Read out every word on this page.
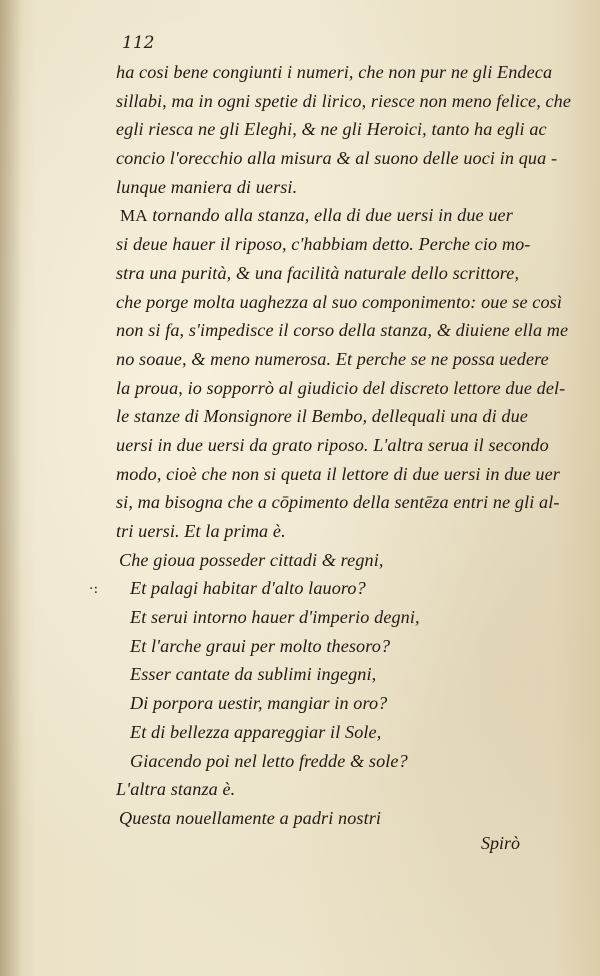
112
·:
ha cosi bene congiunti i numeri, che non pur ne gli Endeca
sillabi, ma in ogni spetie di lirico, riesce non meno felice, che
egli riesca ne gli Eleghi, & ne gli Heroici, tanto ha egli ac
concio l'orecchio alla misura & al suono delle uoci in qua -
lunque maniera di uersi.
MA tornando alla stanza, ella di due uersi in due uer
si deue hauer il riposo, c'habbiam detto. Perche cio mo-
stra una purità, & una facilità naturale dello scrittore,
che porge molta uaghezza al suo componimento: oue se così
non si fa, s'impedisce il corso della stanza, & diuiene ella me
no soaue, & meno numerosa. Et perche se ne possa uedere
la proua, io sopporrò al giudicio del discreto lettore due del-
le stanze di Monsignore il Bembo, dellequali una di due
uersi in due uersi da grato riposo. L'altra serua il secondo
modo, cioè che non si queta il lettore di due uersi in due uer
si, ma bisogna che a cōpimento della sentēza entri ne gli al-
tri uersi. Et la prima è.
Che gioua posseder cittadi & regni,
Et palagi habitar d'alto lauoro?
Et serui intorno hauer d'imperio degni,
Et l'arche graui per molto thesoro?
Esser cantate da sublimi ingegni,
Di porpora uestir, mangiar in oro?
Et di bellezza appareggiar il Sole,
Giacendo poi nel letto fredde & sole?
L'altra stanza è.
Questa nouellamente a padri nostri
Spirò
